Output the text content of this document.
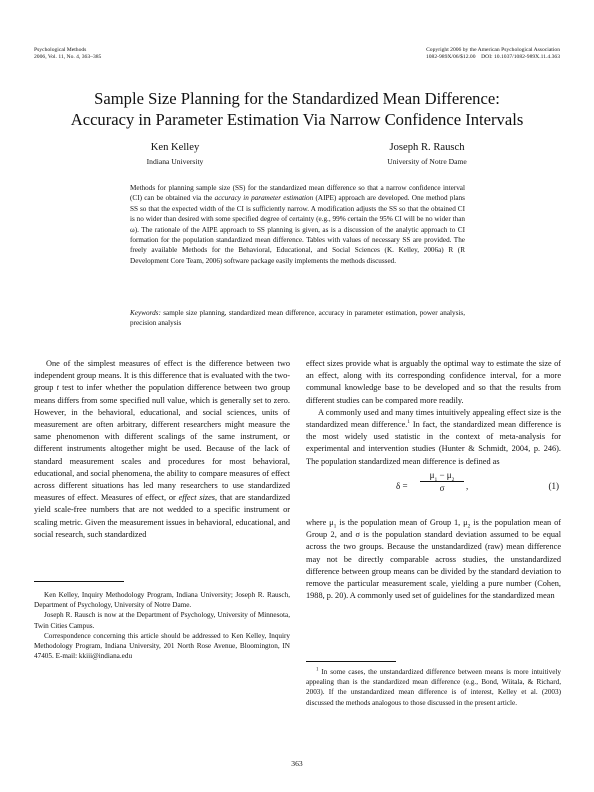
Psychological Methods
2006, Vol. 11, No. 4, 363–385
Copyright 2006 by the American Psychological Association
1082-989X/06/$12.00    DOI: 10.1037/1082-989X.11.4.363
Sample Size Planning for the Standardized Mean Difference:
Accuracy in Parameter Estimation Via Narrow Confidence Intervals
Ken Kelley
Indiana University
Joseph R. Rausch
University of Notre Dame
Methods for planning sample size (SS) for the standardized mean difference so that a narrow confidence interval (CI) can be obtained via the accuracy in parameter estimation (AIPE) approach are developed. One method plans SS so that the expected width of the CI is sufficiently narrow. A modification adjusts the SS so that the obtained CI is no wider than desired with some specified degree of certainty (e.g., 99% certain the 95% CI will be no wider than ω). The rationale of the AIPE approach to SS planning is given, as is a discussion of the analytic approach to CI formation for the population standardized mean difference. Tables with values of necessary SS are provided. The freely available Methods for the Behavioral, Educational, and Social Sciences (K. Kelley, 2006a) R (R Development Core Team, 2006) software package easily implements the methods discussed.
Keywords: sample size planning, standardized mean difference, accuracy in parameter estimation, power analysis, precision analysis

One of the simplest measures of effect is the difference between two independent group means. It is this difference that is evaluated with the two-group t test to infer whether the population difference between two group means differs from some specified null value, which is generally set to zero. However, in the behavioral, educational, and social sciences, units of measurement are often arbitrary, different researchers might measure the same phenomenon with different scalings of the same instrument, or different instruments altogether might be used. Because of the lack of standard measurement scales and procedures for most behavioral, educational, and social phenomena, the ability to compare measures of effect across different situations has led many researchers to use standardized measures of effect. Measures of effect, or effect sizes, that are standardized yield scale-free numbers that are not wedded to a specific instrument or scaling metric. Given the measurement issues in behavioral, educational, and social research, such standardized

effect sizes provide what is arguably the optimal way to estimate the size of an effect, along with its corresponding confidence interval, for a more communal knowledge base to be developed and so that the results from different studies can be compared more readily.

A commonly used and many times intuitively appealing effect size is the standardized mean difference.$^1$ In fact, the standardized mean difference is the most widely used statistic in the context of meta-analysis for experimental and intervention studies (Hunter & Schmidt, 2004, p. 246). The population standardized mean difference is defined as

$\delta = \frac{\mu_1 - \mu_2}{\sigma}$ ,	(1)

where $\mu_1$ is the population mean of Group 1, $\mu_2$ is the population mean of Group 2, and σ is the population standard deviation assumed to be equal across the two groups. Because the unstandardized (raw) mean difference may not be directly comparable across studies, the unstandardized difference between group means can be divided by the standard deviation to remove the particular measurement scale, yielding a pure number (Cohen, 1988, p. 20). A commonly used set of guidelines for the standardized mean

Ken Kelley, Inquiry Methodology Program, Indiana University; Joseph R. Rausch, Department of Psychology, University of Notre Dame.

Joseph R. Rausch is now at the Department of Psychology, University of Minnesota, Twin Cities Campus.

Correspondence concerning this article should be addressed to Ken Kelley, Inquiry Methodology Program, Indiana University, 201 North Rose Avenue, Bloomington, IN 47405. E-mail: kkiii@indiana.edu

$^1$ In some cases, the unstandardized difference between means is more intuitively appealing than is the standardized mean difference (e.g., Bond, Wiitala, & Richard, 2003). If the unstandardized mean difference is of interest, Kelley et al. (2003) discussed the methods analogous to those discussed in the present article.
363
